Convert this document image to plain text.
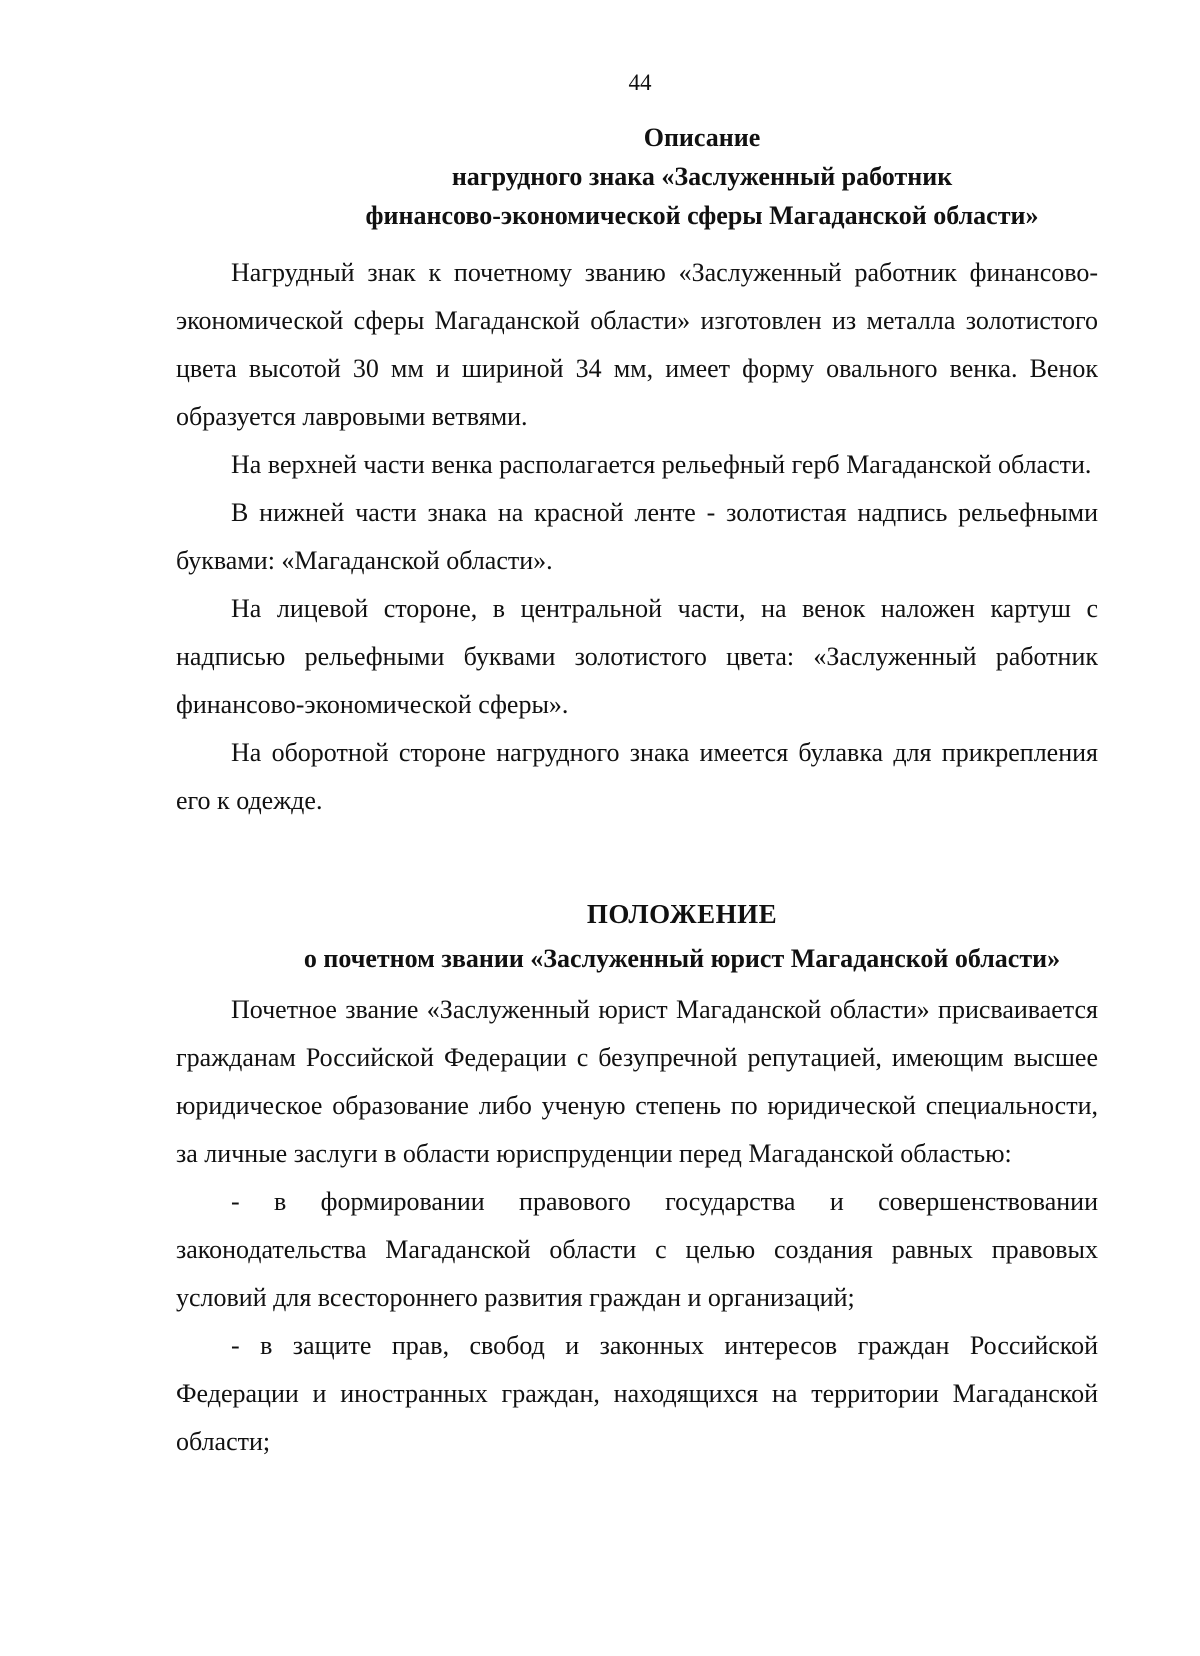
44

Описание
нагрудного знака «Заслуженный работник
финансово-экономической сферы Магаданской области»

Нагрудный знак к почетному званию «Заслуженный работник финансово-экономической сферы Магаданской области» изготовлен из металла золотистого цвета высотой 30 мм и шириной 34 мм, имеет форму овального венка. Венок образуется лавровыми ветвями.

На верхней части венка располагается рельефный герб Магаданской области.

В нижней части знака на красной ленте - золотистая надпись рельефными буквами: «Магаданской области».

На лицевой стороне, в центральной части, на венок наложен картуш с надписью рельефными буквами золотистого цвета: «Заслуженный работник финансово-экономической сферы».

На оборотной стороне нагрудного знака имеется булавка для прикрепления его к одежде.

ПОЛОЖЕНИЕ

о почетном звании «Заслуженный юрист Магаданской области»

Почетное звание «Заслуженный юрист Магаданской области» присваивается гражданам Российской Федерации с безупречной репутацией, имеющим высшее юридическое образование либо ученую степень по юридической специальности, за личные заслуги в области юриспруденции перед Магаданской областью:

- в формировании правового государства и совершенствовании законодательства Магаданской области с целью создания равных правовых условий для всестороннего развития граждан и организаций;

- в защите прав, свобод и законных интересов граждан Российской Федерации и иностранных граждан, находящихся на территории Магаданской области;
